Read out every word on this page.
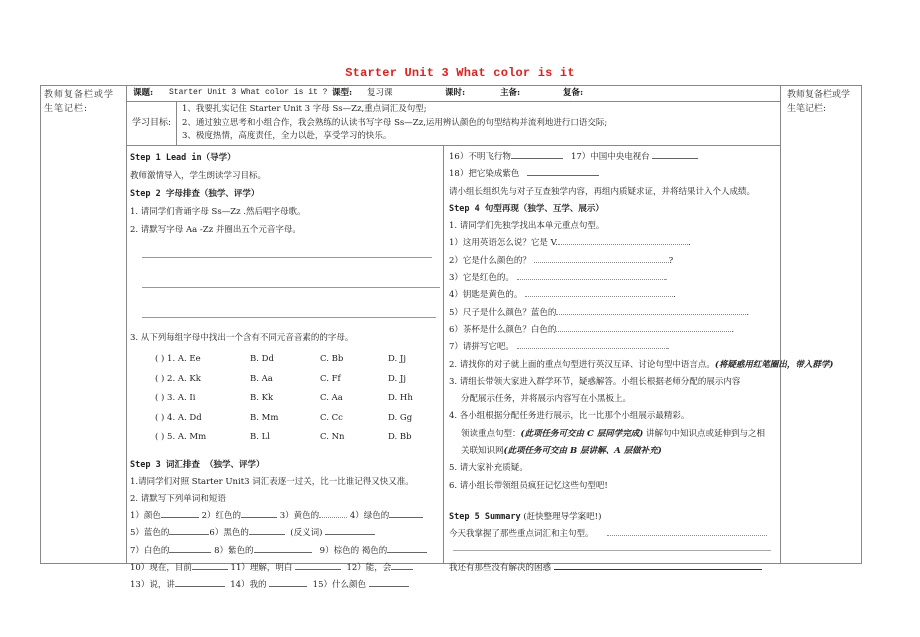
Starter Unit 3 What color is it
教师复备栏或学生笔记栏:
教师复备栏或学生笔记栏:
课题: Starter Unit 3 What color is it ? 课型: 复习课	课时:	主备:	复备:
学习目标:
1、我要扎实记住 Starter Unit 3 字母 Ss—Zz,重点词汇及句型;
2、通过独立思考和小组合作，我会熟练的认读书写字母 Ss—Zz,运用辨认颜色的句型结构并流利地进行口语交际;
3、极度热情，高度责任，全力以赴，享受学习的快乐。
Step 1 Lead in（导学）
教师激情导入，学生朗读学习目标。
Step 2 字母排查（独学、评学）
1. 请同学们背诵字母 Ss—Zz .然后唱字母歌。
2. 请默写字母 Aa -Zz 并圈出五个元音字母。
3. 从下列每组字母中找出一个含有不同元音音素的的字母。
( ) 1. A. Ee	B. Dd	C. Bb	D. Jj
( ) 2. A. Kk	B. Aa	C. Ff	D. Jj
( ) 3. A. Ii	B. Kk	C. Aa	D. Hh
( ) 4. A. Dd	B. Mm	C. Cc	D. Gg
( ) 5. A. Mm	B. Ll	C. Nn	D. Bb
Step 3 词汇排查 （独学、评学）
1.请同学们对照 Starter Unit3 词汇表逐一过关，比一比谁记得又快又准。
2. 请默写下列单词和短语
1）颜色	2）红色的	3）黄色的	4）绿色的
5）蓝色的	6）黑色的	(反义词)
7）白色的	8）紫色的	9）棕色的 褐色的
10）现在，目前	11）理解，明白	12）能，会
13）说，讲	14）我的	15）什么颜色
16）不明飞行物	17）中国中央电视台
18）把它染成紫色
请小组长组织先与对子互查独学内容，再组内质疑求证，并将结果计入个人成绩。
Step 4 句型再现（独学、互学、展示）
1. 请同学们先独学找出本单元重点句型。
1）这用英语怎么说？它是 V.	.
2）它是什么颜色的？	?
3）它是红色的。	.
4）钥匙是黄色的。	.
5）尺子是什么颜色？蓝色的	.
6）茶杯是什么颜色？白色的	.
7）请拼写它吧。	.
2. 请找你的对子就上面的重点句型进行英汉互译、讨论句型中语言点。(将疑惑用红笔圈出，带入群学)
3. 请组长带领大家进入群学环节，疑惑解答。小组长根据老师分配的展示内容
分配展示任务，并将展示内容写在小黑板上。
4. 各小组根据分配任务进行展示，比一比那个小组展示最精彩。
领读重点句型：(此项任务可交由 C 层同学完成) 讲解句中知识点或延伸到与之相
关联知识网(此项任务可交由 B 层讲解、A 层做补充)
5. 请大家补充质疑。
6. 请小组长带领组员疯狂记忆这些句型吧!
Step 5 Summary (赶快整理导学案吧!)
今天我掌握了那些重点词汇和主句型。
我还有那些没有解决的困惑
